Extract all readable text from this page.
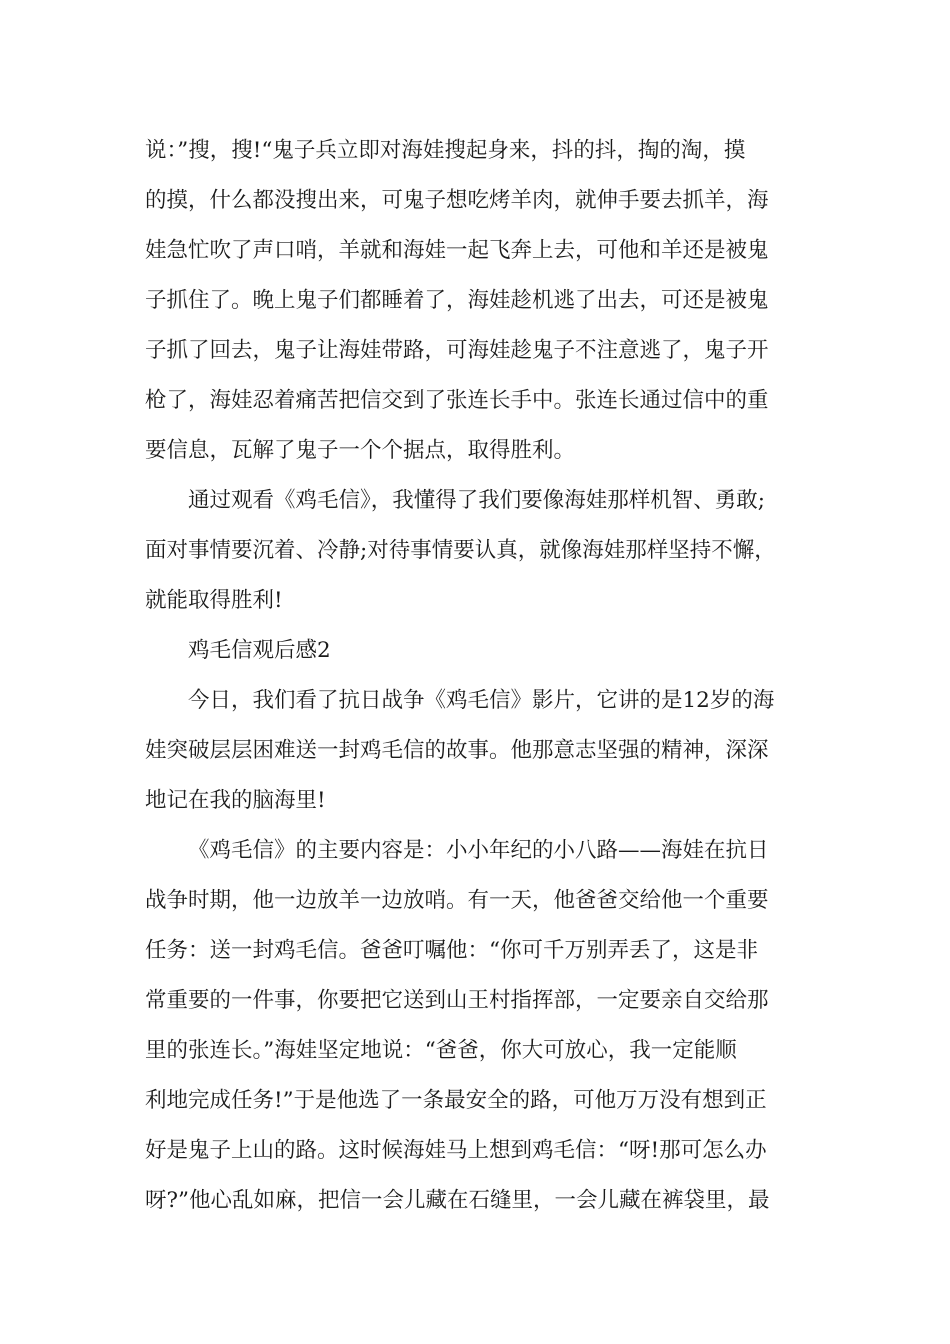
说：”搜，搜!“鬼子兵立即对海娃搜起身来，抖的抖，掏的淘，摸
的摸，什么都没搜出来，可鬼子想吃烤羊肉，就伸手要去抓羊，海
娃急忙吹了声口哨，羊就和海娃一起飞奔上去，可他和羊还是被鬼
子抓住了。晚上鬼子们都睡着了，海娃趁机逃了出去，可还是被鬼
子抓了回去，鬼子让海娃带路，可海娃趁鬼子不注意逃了，鬼子开
枪了，海娃忍着痛苦把信交到了张连长手中。张连长通过信中的重
要信息，瓦解了鬼子一个个据点，取得胜利。
通过观看《鸡毛信》，我懂得了我们要像海娃那样机智、勇敢;
面对事情要沉着、冷静;对待事情要认真，就像海娃那样坚持不懈，
就能取得胜利!
鸡毛信观后感2
今日，我们看了抗日战争《鸡毛信》影片，它讲的是12岁的海
娃突破层层困难送一封鸡毛信的故事。他那意志坚强的精神，深深
地记在我的脑海里!
《鸡毛信》的主要内容是：小小年纪的小八路——海娃在抗日
战争时期，他一边放羊一边放哨。有一天，他爸爸交给他一个重要
任务：送一封鸡毛信。爸爸叮嘱他：“你可千万别弄丢了，这是非
常重要的一件事，你要把它送到山王村指挥部，一定要亲自交给那
里的张连长。”海娃坚定地说：“爸爸，你大可放心，我一定能顺
利地完成任务!”于是他选了一条最安全的路，可他万万没有想到正
好是鬼子上山的路。这时候海娃马上想到鸡毛信：“呀!那可怎么办
呀?”他心乱如麻，把信一会儿藏在石缝里，一会儿藏在裤袋里，最
